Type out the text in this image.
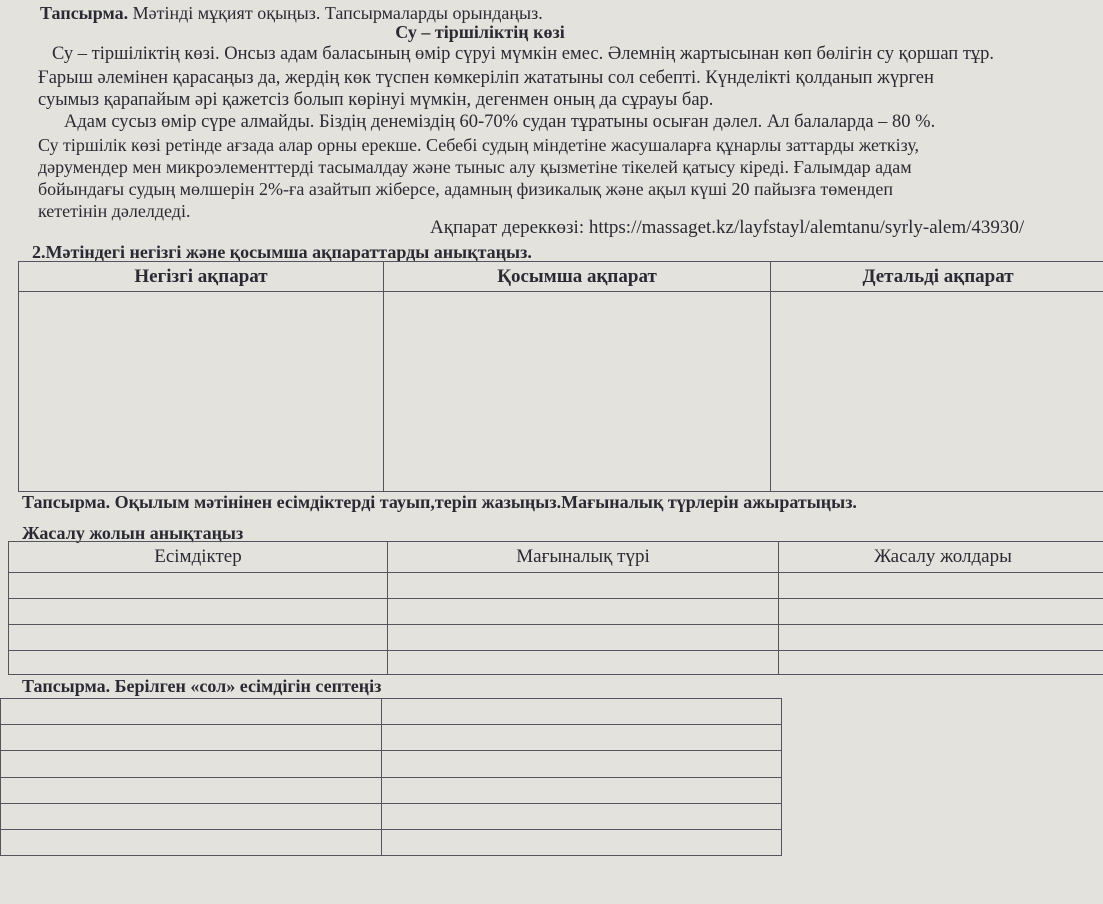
Тапсырма. Мәтінді мұқият оқыңыз. Тапсырмаларды орындаңыз.
Су – тіршіліктің көзі
Су – тіршіліктің көзі. Онсыз адам баласының өмір сүруі мүмкін емес. Әлемнің жартысынан көп бөлігін су қоршап тұр.
Ғарыш әлемінен қарасаңыз да, жердің көк түспен көмкеріліп жататыны сол себепті. Күнделікті қолданып жүрген
суымыз қарапайым әрі қажетсіз болып көрінуі мүмкін, дегенмен оның да сұрауы бар.
Адам сусыз өмір сүре алмайды. Біздің денеміздің 60-70% судан тұратыны осыған дәлел. Ал балаларда – 80 %.
Су тіршілік көзі ретінде ағзада алар орны ерекше. Себебі судың міндетіне жасушаларға құнарлы заттарды жеткізу,
дәрумендер мен микроэлементтерді тасымалдау және тыныс алу қызметіне тікелей қатысу кіреді. Ғалымдар адам
бойындағы судың мөлшерін 2%-ға азайтып жіберсе, адамның физикалық және ақыл күші 20 пайызға төмендеп
кететінін дәлелдеді.
Ақпарат дереккөзі: https://massaget.kz/layfstayl/alemtanu/syrly-alem/43930/
2.Мәтіндегі негізгі және қосымша ақпараттарды анықтаңыз.
Негізгі ақпарат	Қосымша ақпарат	Детальді ақпарат

Тапсырма. Оқылым мәтінінен есімдіктерді тауып,теріп жазыңыз.Мағыналық түрлерін ажыратыңыз.
Жасалу жолын анықтаңыз
Есімдіктер	Мағыналық түрі	Жасалу жолдары

Тапсырма. Берілген «сол» есімдігін септеңіз
